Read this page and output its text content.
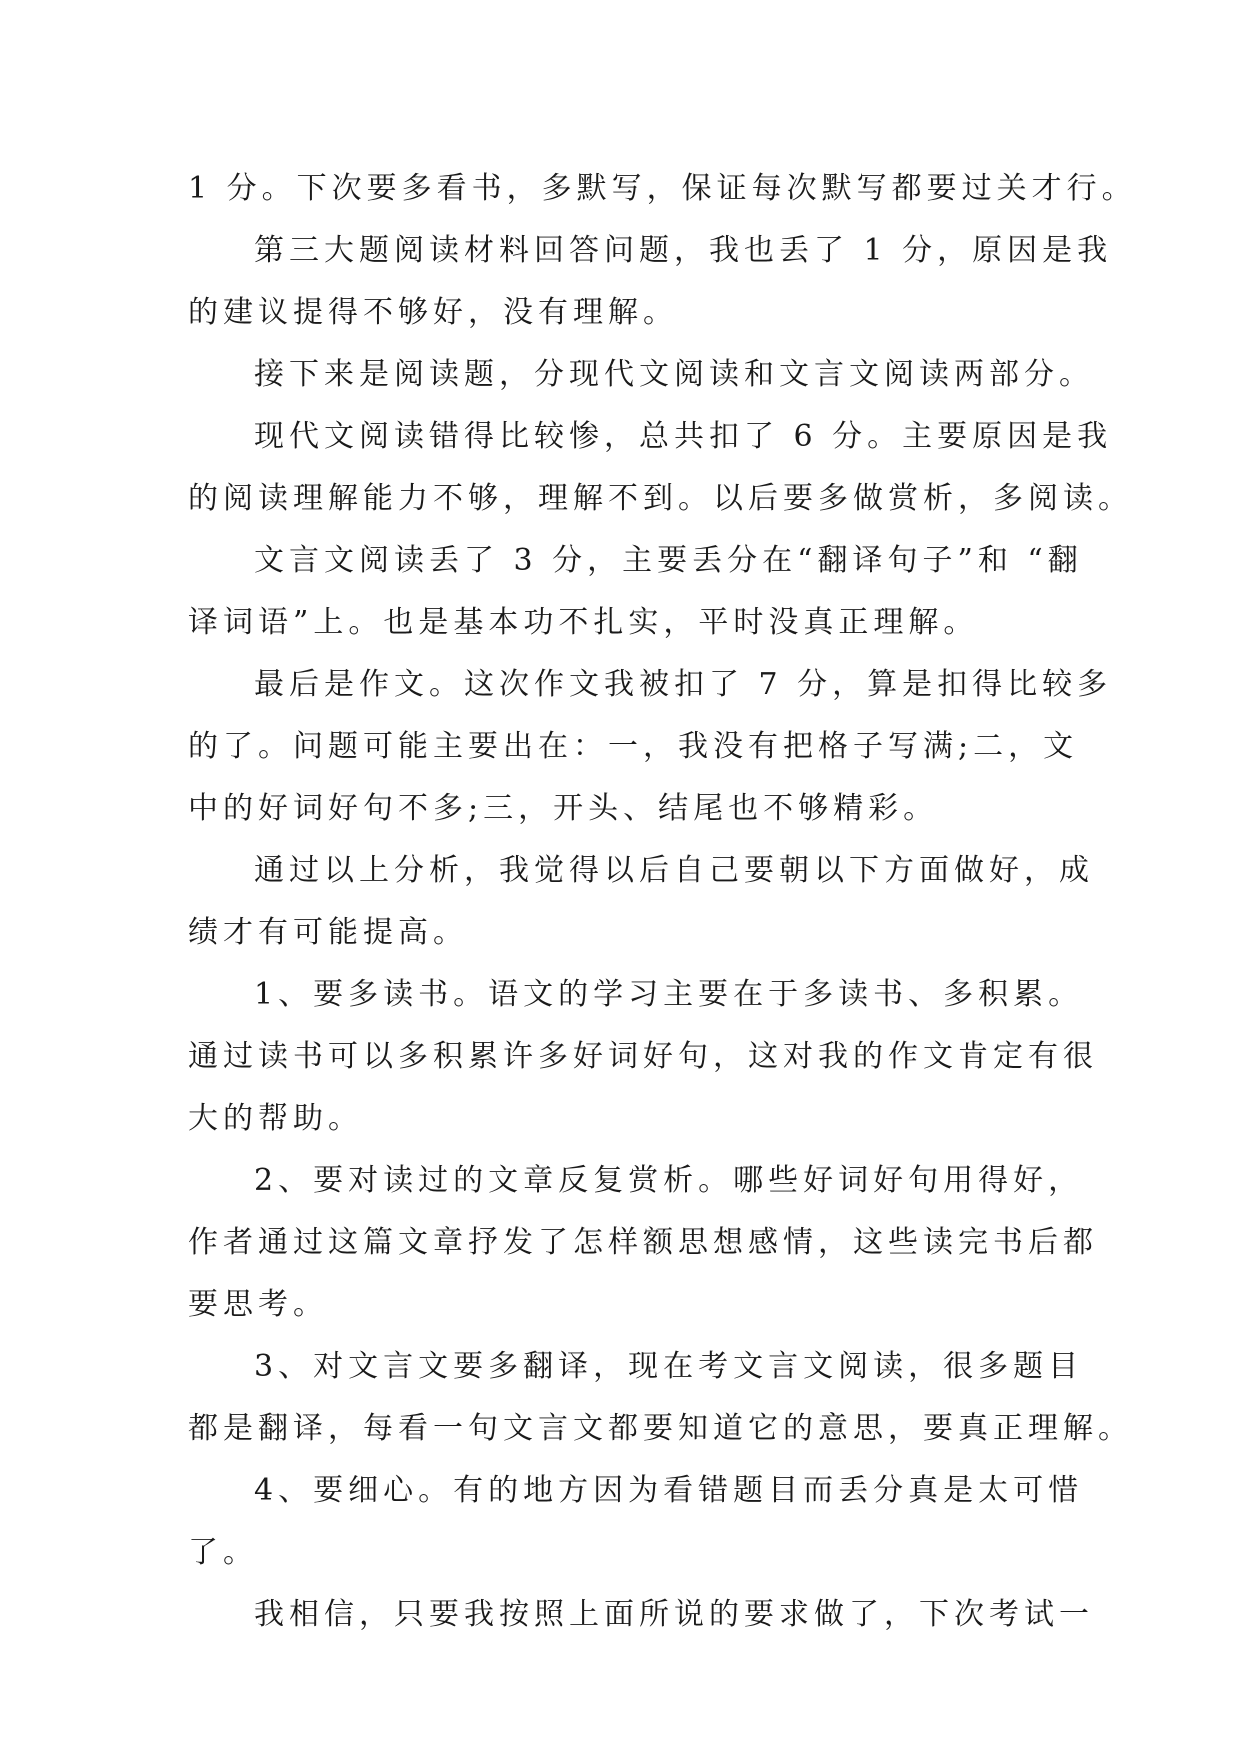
1 分。下次要多看书，多默写，保证每次默写都要过关才行。
第三大题阅读材料回答问题，我也丢了 1 分，原因是我
的建议提得不够好，没有理解。
接下来是阅读题，分现代文阅读和文言文阅读两部分。
现代文阅读错得比较惨，总共扣了 6 分。主要原因是我
的阅读理解能力不够，理解不到。以后要多做赏析，多阅读。
文言文阅读丢了 3 分，主要丢分在“翻译句子”和 “翻
译词语”上。也是基本功不扎实，平时没真正理解。
最后是作文。这次作文我被扣了 7 分，算是扣得比较多
的了。问题可能主要出在：一，我没有把格子写满;二，文
中的好词好句不多;三，开头、结尾也不够精彩。
通过以上分析，我觉得以后自己要朝以下方面做好，成
绩才有可能提高。
1、要多读书。语文的学习主要在于多读书、多积累。
通过读书可以多积累许多好词好句，这对我的作文肯定有很
大的帮助。
2、要对读过的文章反复赏析。哪些好词好句用得好，
作者通过这篇文章抒发了怎样额思想感情，这些读完书后都
要思考。
3、对文言文要多翻译，现在考文言文阅读，很多题目
都是翻译，每看一句文言文都要知道它的意思，要真正理解。
4、要细心。有的地方因为看错题目而丢分真是太可惜
了。
我相信，只要我按照上面所说的要求做了，下次考试一
